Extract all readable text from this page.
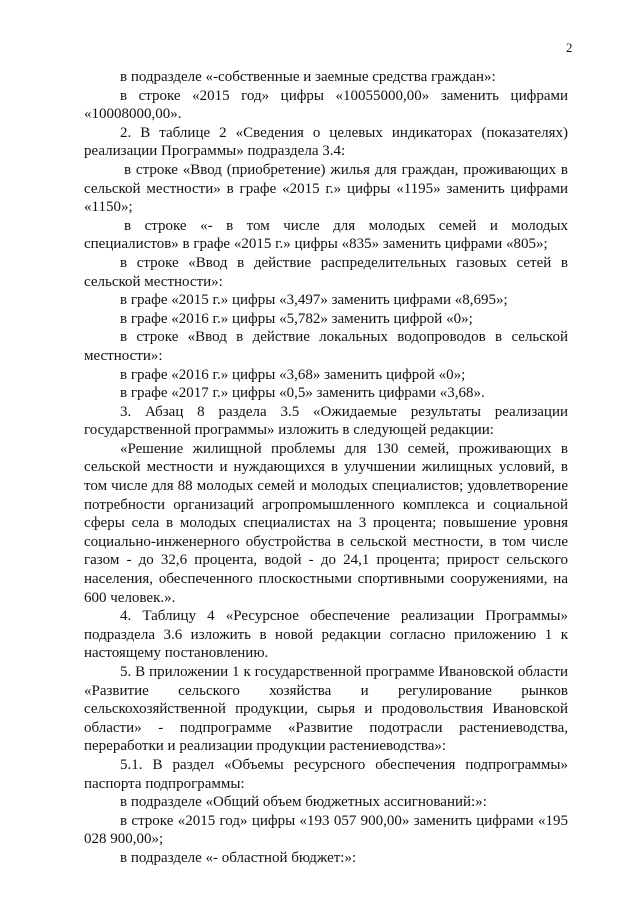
2

в подразделе «-собственные и заемные средства граждан»:

в строке «2015 год» цифры «10055000,00» заменить цифрами «10008000,00».

2. В таблице 2 «Сведения о целевых индикаторах (показателях) реализации Программы» подраздела 3.4:

в строке «Ввод (приобретение) жилья для граждан, проживающих в сельской местности» в графе «2015 г.» цифры «1195» заменить цифрами «1150»;

в строке «- в том числе для молодых семей и молодых специалистов» в графе «2015 г.» цифры «835» заменить цифрами «805»;

в строке «Ввод в действие распределительных газовых сетей в сельской местности»:

в графе «2015 г.» цифры «3,497» заменить цифрами «8,695»;

в графе «2016 г.» цифры «5,782» заменить цифрой «0»;

в строке «Ввод в действие локальных водопроводов в сельской местности»:

в графе «2016 г.» цифры «3,68» заменить цифрой «0»;

в графе «2017 г.» цифры «0,5» заменить цифрами «3,68».

3. Абзац 8 раздела 3.5 «Ожидаемые результаты реализации государственной программы» изложить в следующей редакции:

«Решение жилищной проблемы для 130 семей, проживающих в сельской местности и нуждающихся в улучшении жилищных условий, в том числе для 88 молодых семей и молодых специалистов; удовлетворение потребности организаций агропромышленного комплекса и социальной сферы села в молодых специалистах на 3 процента; повышение уровня социально-инженерного обустройства в сельской местности, в том числе газом - до 32,6 процента, водой - до 24,1 процента; прирост сельского населения, обеспеченного плоскостными спортивными сооружениями, на 600 человек.».

4. Таблицу 4 «Ресурсное обеспечение реализации Программы» подраздела 3.6 изложить в новой редакции согласно приложению 1 к настоящему постановлению.

5. В приложении 1 к государственной программе Ивановской области «Развитие сельского хозяйства и регулирование рынков сельскохозяйственной продукции, сырья и продовольствия Ивановской области» - подпрограмме «Развитие подотрасли растениеводства, переработки и реализации продукции растениеводства»:

5.1. В раздел «Объемы ресурсного обеспечения подпрограммы» паспорта подпрограммы:

в подразделе «Общий объем бюджетных ассигнований:»:

в строке «2015 год» цифры «193 057 900,00» заменить цифрами «195 028 900,00»;

в подразделе «- областной бюджет:»:
